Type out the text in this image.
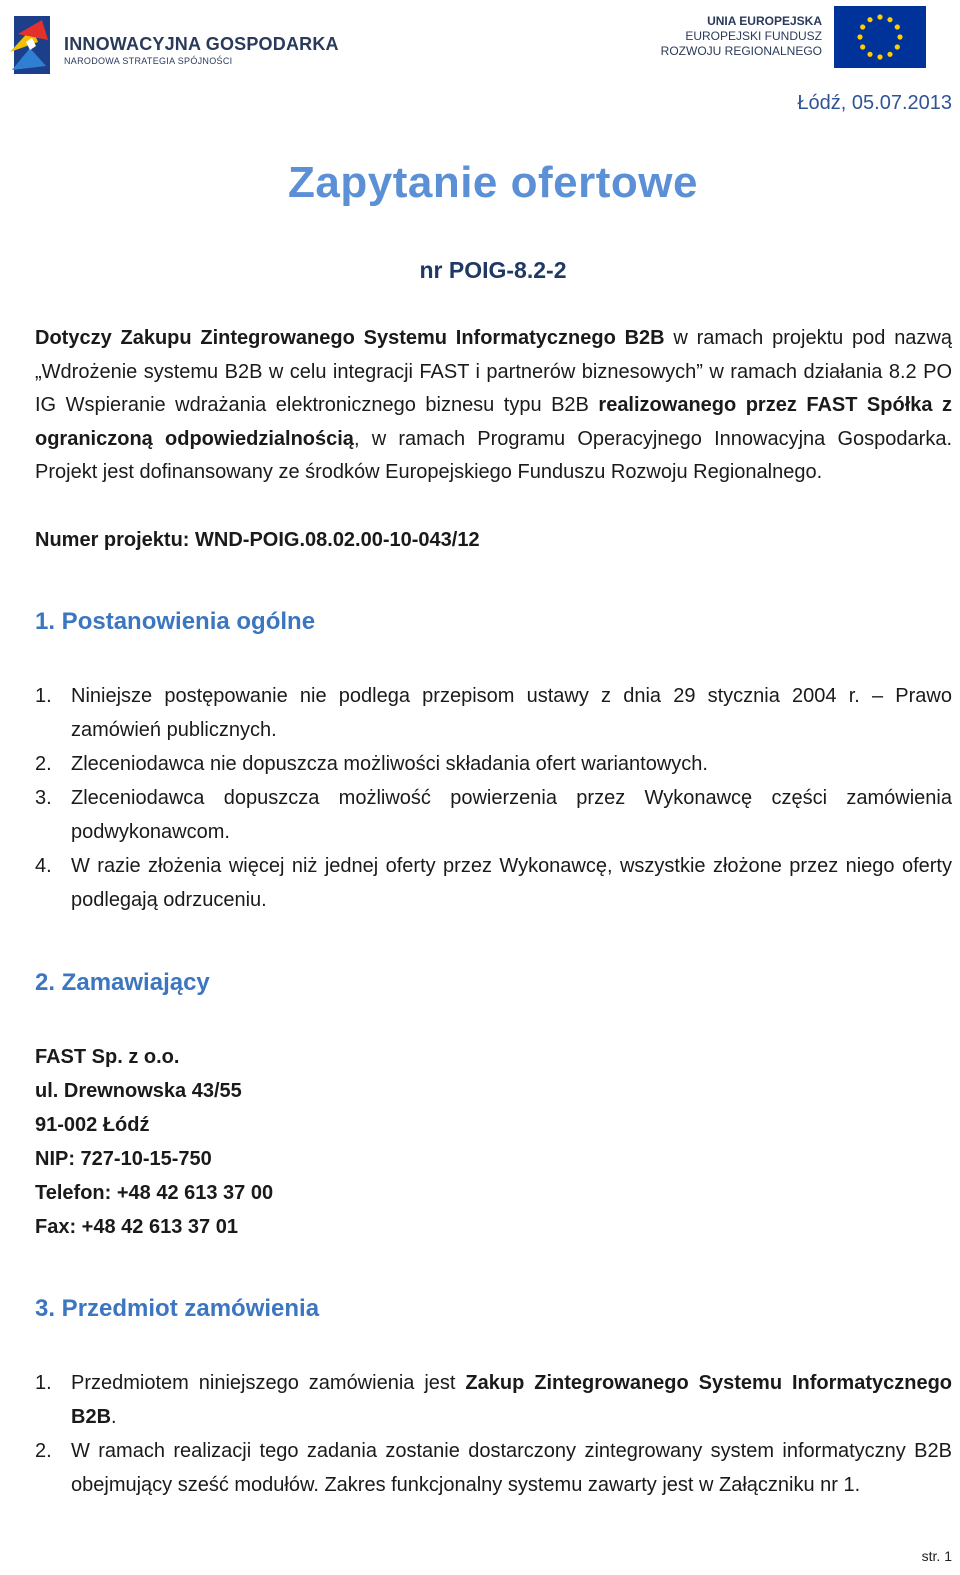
INNOWACYJNA GOSPODARKA
NARODOWA STRATEGIA SPÓJNOŚCI
UNIA EUROPEJSKA
EUROPEJSKI FUNDUSZ
ROZWOJU REGIONALNEGO
Łódź, 05.07.2013
Zapytanie ofertowe
nr POIG-8.2-2
Dotyczy Zakupu Zintegrowanego Systemu Informatycznego B2B w ramach projektu pod nazwą „Wdrożenie systemu B2B w celu integracji FAST i partnerów biznesowych” w ramach działania 8.2 PO IG Wspieranie wdrażania elektronicznego biznesu typu B2B realizowanego przez FAST Spółka z ograniczoną odpowiedzialnością, w ramach Programu Operacyjnego Innowacyjna Gospodarka. Projekt jest dofinansowany ze środków Europejskiego Funduszu Rozwoju Regionalnego.
Numer projektu: WND-POIG.08.02.00-10-043/12
1. Postanowienia ogólne
1. Niniejsze postępowanie nie podlega przepisom ustawy z dnia 29 stycznia 2004 r. – Prawo zamówień publicznych.
2. Zleceniodawca nie dopuszcza możliwości składania ofert wariantowych.
3. Zleceniodawca dopuszcza możliwość powierzenia przez Wykonawcę części zamówienia podwykonawcom.
4. W razie złożenia więcej niż jednej oferty przez Wykonawcę, wszystkie złożone przez niego oferty podlegają odrzuceniu.
2. Zamawiający
FAST Sp. z o.o.
ul. Drewnowska 43/55
91-002 Łódź
NIP: 727-10-15-750
Telefon: +48 42 613 37 00
Fax: +48 42 613 37 01
3. Przedmiot zamówienia
1. Przedmiotem niniejszego zamówienia jest Zakup Zintegrowanego Systemu Informatycznego B2B.
2. W ramach realizacji tego zadania zostanie dostarczony zintegrowany system informatyczny B2B obejmujący sześć modułów. Zakres funkcjonalny systemu zawarty jest w Załączniku nr 1.
str. 1
